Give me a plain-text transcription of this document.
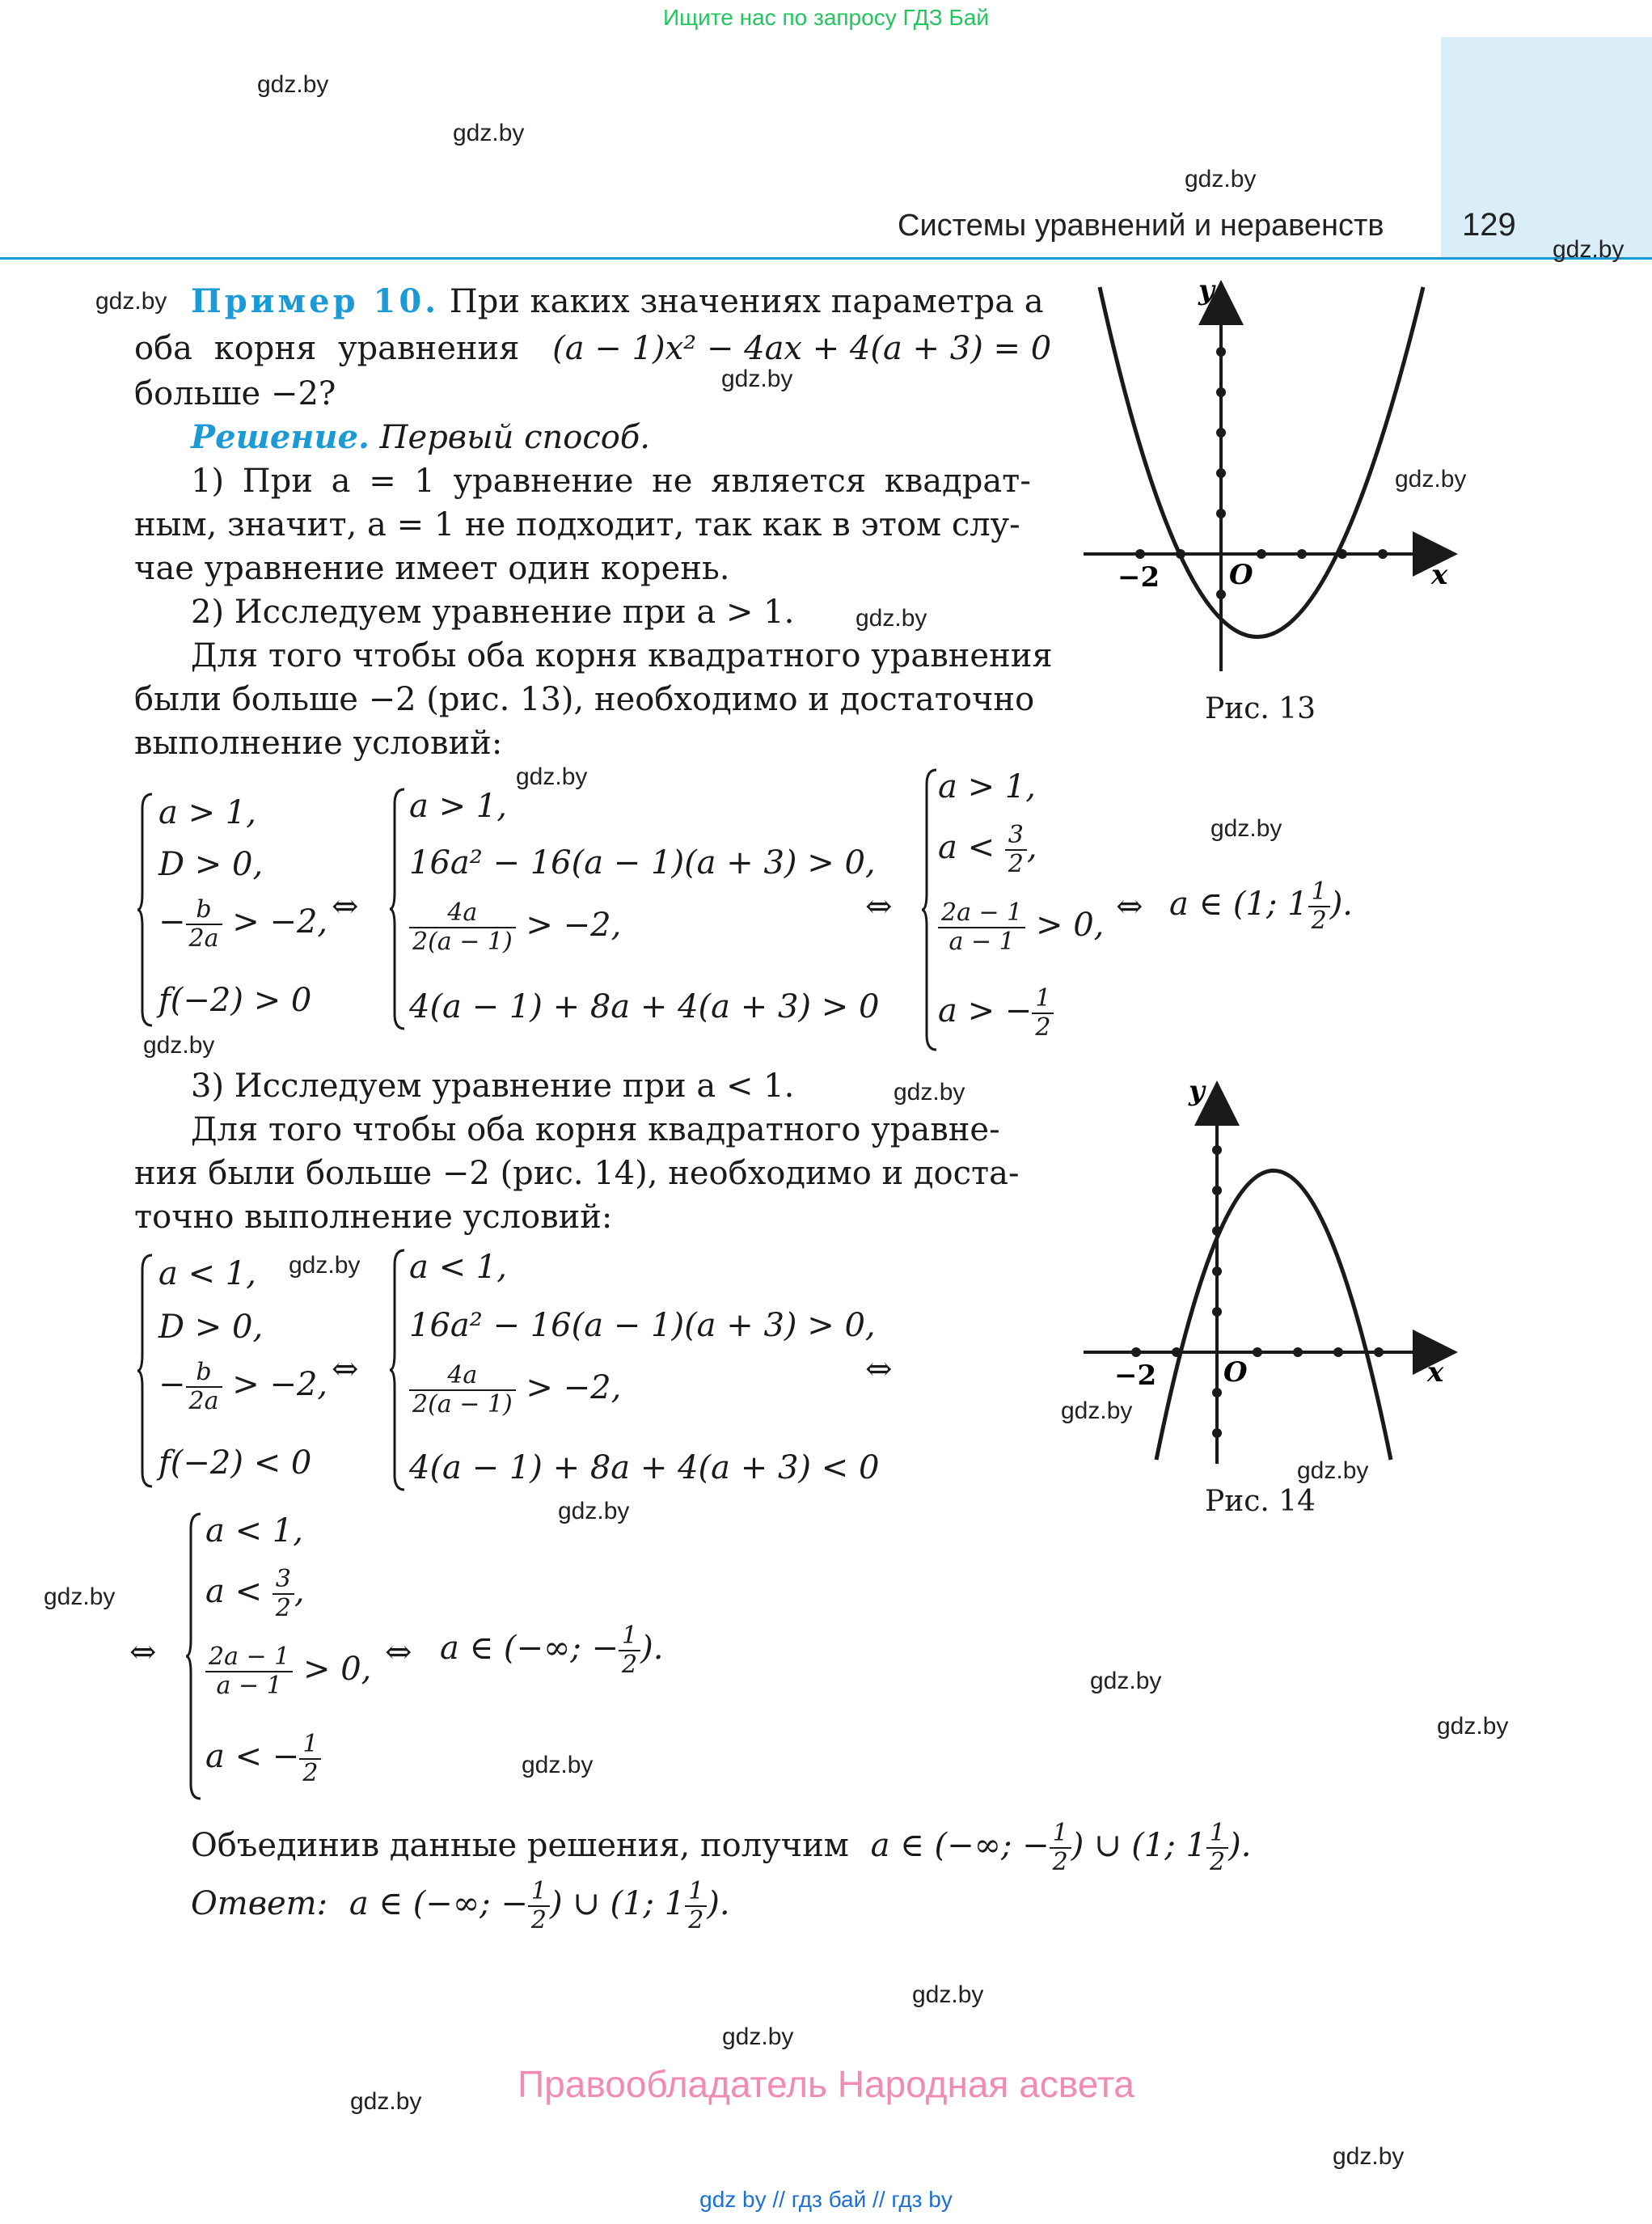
Ищите нас по запросу ГДЗ Бай
Системы уравнений и неравенств 129
gdz.by
gdz.by
gdz.by
gdz.by
gdz.by
gdz.by
gdz.by
gdz.by
gdz.by
gdz.by
gdz.by
gdz.by
gdz.by
gdz.by
gdz.by
gdz.by
gdz.by
gdz.by
gdz.by
gdz.by
gdz.by
gdz.by
gdz.by
gdz.by
Пример 10. При каких значениях параметра a
оба корня уравнения (a − 1)x² − 4ax + 4(a + 3) = 0
больше −2?
Решение. Первый способ.
1) При a = 1 уравнение не является квадрат-
ным, значит, a = 1 не подходит, так как в этом слу-
чае уравнение имеет один корень.
2) Исследуем уравнение при a > 1.
Для того чтобы оба корня квадратного уравнения
были больше −2 (рис. 13), необходимо и достаточно
выполнение условий:
y
x
O
−2
Рис. 13
a > 1,
D > 0,
− $\frac{b}{2a} > -2$,
f(−2) > 0
⇔
a > 1,
16a² − 16(a − 1)(a + 3) > 0,
$\frac{4a}{2(a - 1)} > -2$,
4(a − 1) + 8a + 4(a + 3) > 0
⇔
a > 1,
$a < \frac{3}{2}$ ,
$\frac{2a - 1}{a - 1} > 0$,
a > − $\frac{1}{2}$
⇔ a ∈ (1; $1 \frac{1}{2}$ ).
3) Исследуем уравнение при a < 1.
Для того чтобы оба корня квадратного уравне-
ния были больше −2 (рис. 14), необходимо и доста-
точно выполнение условий:
y
x
O
−2
Рис. 14
a < 1,
D > 0,
− $\frac{b}{2a} > -2$,
f(−2) < 0
⇔
a < 1,
16a² − 16(a − 1)(a + 3) > 0,
$\frac{4a}{2(a - 1)} > -2$,
4(a − 1) + 8a + 4(a + 3) < 0
⇔
⇔
a < 1,
$a < \frac{3}{2}$ ,
$\frac{2a - 1}{a - 1} > 0$,
a < − $\frac{1}{2}$
⇔ a ∈ (−∞; − $\frac{1}{2}$ ).
Объединив данные решения, получим a ∈ (−∞; − $\frac{1}{2}$ ) ∪ (1; $1 \frac{1}{2}$ ).
Ответ: a ∈ (−∞; − $\frac{1}{2}$ ) ∪ (1; $1 \frac{1}{2}$ ).
Правообладатель Народная асвета
gdz by // гдз бай // гдз by
